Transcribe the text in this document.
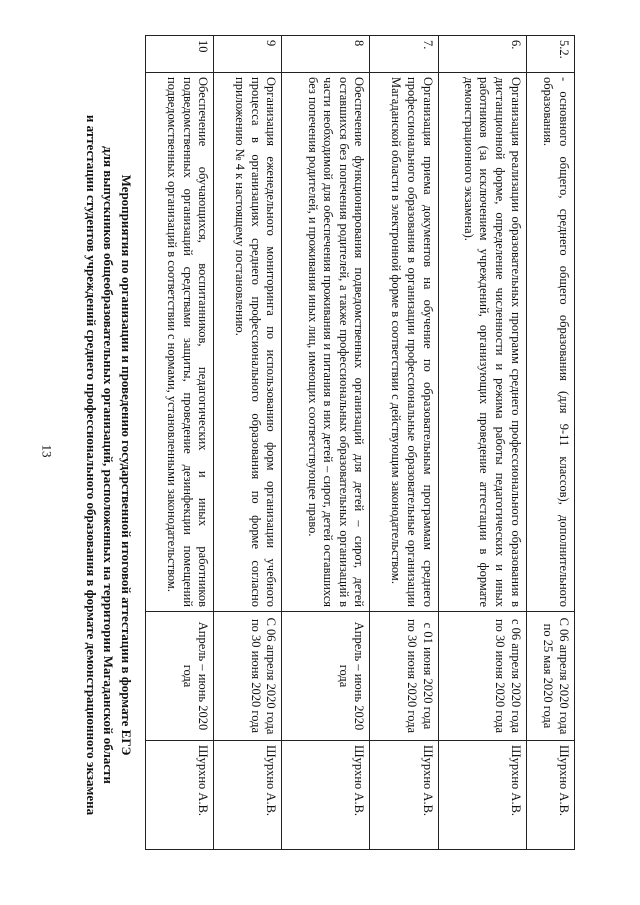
13
5.2.	- основного общего, среднего общего образования (для 9-11 классов), дополнительного образования.	С 06 апреля 2020 года по 25 мая 2020 года	Шурхно А.В.
6.	Организация реализации образовательных программ среднего профессионального образования в дистанционной форме, определение численности и режима работы педагогических и иных работников (за исключением учреждений, организующих проведение аттестации в формате демонстрационного экзамена).	с 06 апреля 2020 года по 30 июня 2020 года	Шурхно А.В.
7.	Организация приема документов на обучение по образовательным программам среднего профессионального образования в организации профессиональные образовательные организации Магаданской области в электронной форме в соответствии с действующим законодательством.	с 01 июня 2020 года по 30 июня 2020 года	Шурхно А.В.
8	Обеспечение функционирования подведомственных организаций для детей – сирот, детей оставшихся без попечения родителей, а также профессиональных образовательных организаций в части необходимой для обеспечения проживания и питания в них детей – сирот, детей оставшихся без попечения родителей, и проживания иных лиц, имеющих соответствующее право.	Апрель – июнь 2020 года	Шурхно А.В.
9	Организация еженедельного мониторинга по использованию форм организации учебного процесса в организациях среднего профессионального образования по форме согласно приложению № 4 к настоящему постановлению.	С 06 апреля 2020 года по 30 июня 2020 года	Шурхно А.В.
10	Обеспечение обучающихся, воспитанников, педагогических и иных работников подведомственных организаций средствами защиты, проведение дезинфекции помещений подведомственных организаций в соответствии с нормами, установленными законодательством.	Апрель – июнь 2020 года	Шурхно А.В.
Мероприятия по организации и проведению государственной итоговой аттестации в формате ЕГЭ
для выпускников общеобразовательных организаций, расположенных на территории Магаданской области
и аттестации студентов учреждений среднего профессионального образования в формате демонстрационного экзамена
